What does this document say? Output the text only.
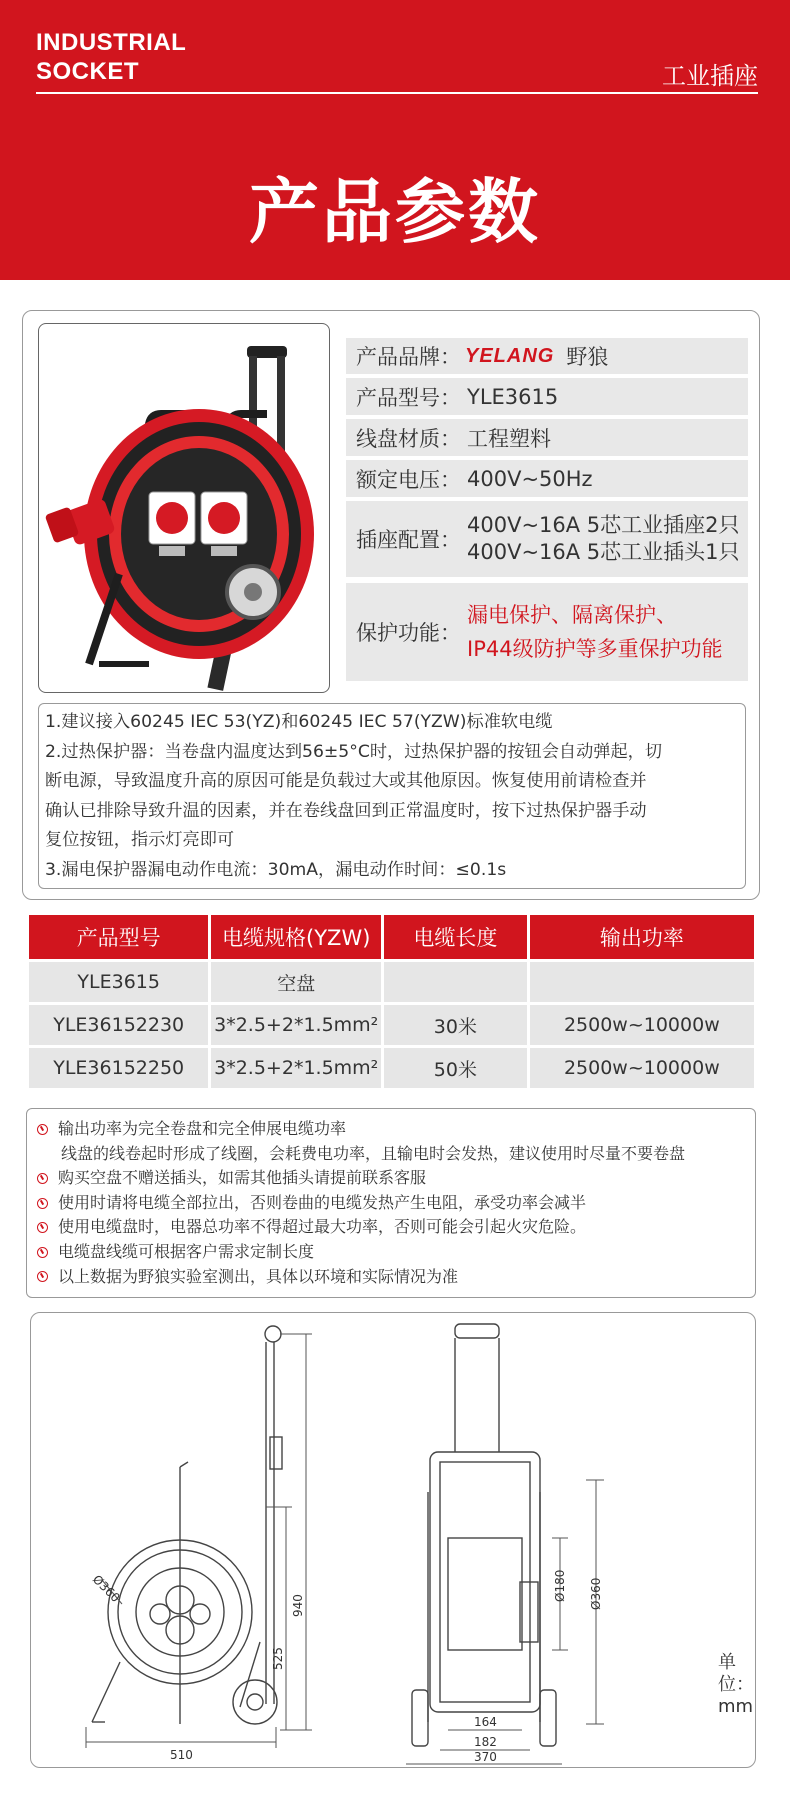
INDUSTRIAL
SOCKET	工业插座
产品参数
产品品牌： YELANG 野狼
产品型号： YLE3615
线盘材质： 工程塑料
额定电压： 400V~50Hz
插座配置：
400V~16A 5芯工业插座2只
400V~16A 5芯工业插头1只
保护功能：
漏电保护、隔离保护、
IP44级防护等多重保护功能

1.建议接入60245 IEC 53(YZ)和60245 IEC 57(YZW)标准软电缆

2.过热保护器：当卷盘内温度达到56±5°C时，过热保护器的按钮会自动弹起，切

断电源，导致温度升高的原因可能是负载过大或其他原因。恢复使用前请检查并

确认已排除导致升温的因素，并在卷线盘回到正常温度时，按下过热保护器手动

复位按钮，指示灯亮即可

3.漏电保护器漏电动作电流：30mA，漏电动作时间：≤0.1s

产品型号	电缆规格(YZW)	电缆长度	输出功率
YLE3615	空盘		
YLE36152230	3*2.5+2*1.5mm²	30米	2500w~10000w
YLE36152250	3*2.5+2*1.5mm²	50米	2500w~10000w
输出功率为完全卷盘和完全伸展电缆功率
线盘的线卷起时形成了线圈，会耗费电功率，且输电时会发热，建议使用时尽量不要卷盘
购买空盘不赠送插头，如需其他插头请提前联系客服
使用时请将电缆全部拉出，否则卷曲的电缆发热产生电阻，承受功率会减半
使用电缆盘时，电器总功率不得超过最大功率，否则可能会引起火灾危险。
电缆盘线缆可根据客户需求定制长度
以上数据为野狼实验室测出，具体以环境和实际情况为准
Ø360
940
525
510
Ø180 Ø360
164
182
370
单位：mm
